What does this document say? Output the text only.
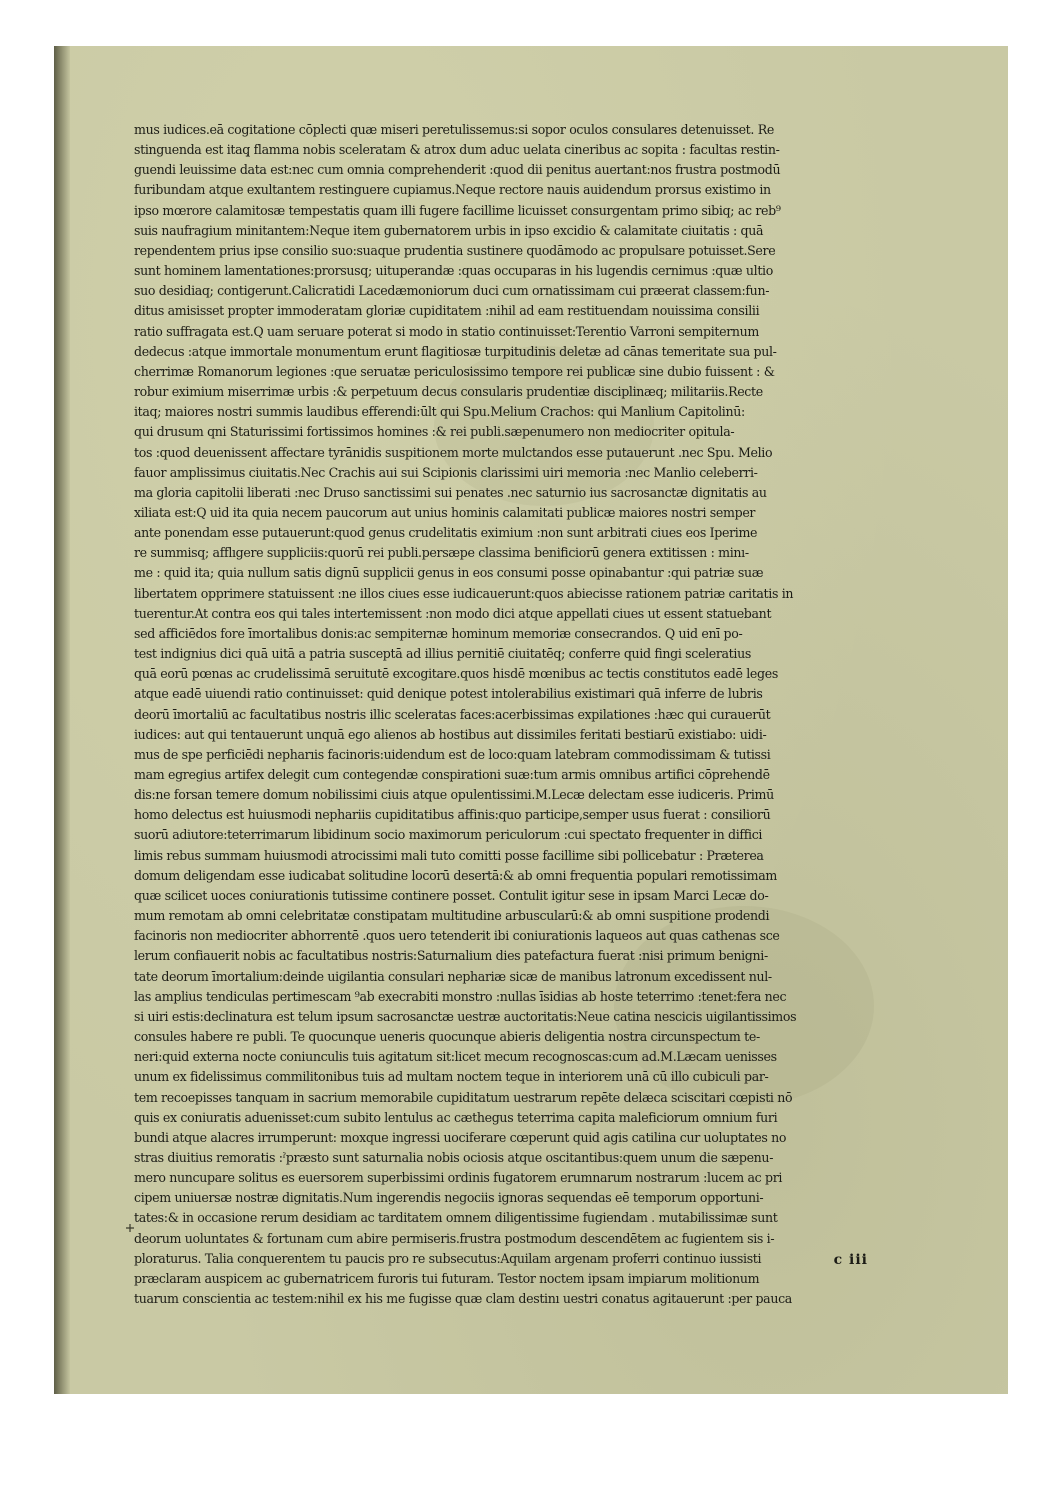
mus iudices.eā cogitatione cōplecti quæ miseri peretulissemus:si sopor oculos consulares detenuisset. Re
stinguenda est itaq̧ flamma nobis sceleratam & atrox dum aduc uelata cineribus ac sopita : facultas restin-
guendi leuissime data est:nec cum omnia comprehenderit :quod dii penitus auertant:nos frustra postmodū
furibundam atque exultantem restinguere cupiamus.Neque rectore nauis auidendum prorsus existimo in
ipso mœrore calamitosæ tempestatis quam illi fugere facillime licuisset consurgentam primo sibiq; ac reb⁹
suis naufragium minitantem:Neque item gubernatorem urbis in ipso excidio & calamitate ciuitatis : quā
rependentem prius ipse consilio suo:suaque prudentia sustinere quodāmodo ac propulsare potuisset.Sere
sunt hominem lamentationes:prorsusq; uituperandæ :quas occuparas in his lugendis cernimus :quæ ultio
suo desidiaq; contigerunt.Calicratidi Lacedæmoniorum duci cum ornatissimam cui præerat classem:fun-
ditus amisisset propter immoderatam gloriæ cupiditatem :nihil ad eam restituendam nouissima consilii
ratio suffragata est.Q uam seruare poterat si modo in statio continuisset:Terentio Varroni sempiternum
dedecus :atque immortale monumentum erunt flagitiosæ turpitudinis deletæ ad cānas temeritate sua pul-
cherrimæ Romanorum legiones :que seruatæ periculosissimo tempore rei publicæ sine dubio fuissent : &
robur eximium miserrimæ urbis :& perpetuum decus consularis prudentiæ disciplinæq; militariis.Recte
itaq; maiores nostri summis laudibus efferendi:ūlt qui Spu.Melium Crachos: qui Manlium Capitolinū:
qui drusum qni Staturissimi fortissimos homines :& rei publi.sæpenumero non mediocriter opitula-
tos :quod deuenissent affectare tyrānidis suspitionem morte mulctandos esse putauerunt .nec Spu. Melio
fauor amplissimus ciuitatis.Nec Crachis aui sui Scipionis clarissimi uiri memoria :nec Manlio celeberri-
ma gloria capitolii liberati :nec Druso sanctissimi sui penates .nec saturnio ius sacrosanctæ dignitatis au
xiliata est:Q uid ita quia necem paucorum aut unius hominis calamitati publicæ maiores nostri semper
ante ponendam esse putauerunt:quod genus crudelitatis eximium :non sunt arbitrati ciues eos Iperime
re summisq; afflıgere suppliciis:quorū rei publi.persæpe classima benificiorū genera extitissen : minı-
me : quid ita; quia nullum satis dignū supplicii genus in eos consumi posse opinabantur :qui patriæ suæ
libertatem opprimere statuissent :ne illos ciues esse iudicauerunt:quos abiecisse rationem patriæ caritatis in
tuerentur.At contra eos qui tales intertemissent :non modo dici atque appellati ciues ut essent statuebant
sed afficiēdos fore īmortalibus donis:ac sempiternæ hominum memoriæ consecrandos. Q uid enī po-
test indignius dici quā uitā a patria susceptā ad illius pernitiē ciuitatēq; conferre quid fingi sceleratius
quā eorū pœnas ac crudelissimā seruitutē excogitare.quos hisdē mœnibus ac tectis constitutos eadē leges
atque eadē uiuendi ratio continuisset: quid denique potest intolerabilius existimari quā inferre de lubris
deorū īmortaliū ac facultatibus nostris illic sceleratas faces:acerbissimas expilationes :hæc qui curauerūt
iudices: aut qui tentauerunt unquā ego alienos ab hostibus aut dissimiles feritati bestiarū existiabo: uidi-
mus de spe perficiēdi nepharıis facinoris:uidendum est de loco:quam latebram commodissimam & tutissi
mam egregius artifex delegit cum contegendæ conspirationi suæ:tum armis omnibus artifici cōprehendē
dis:ne forsan temere domum nobilissimi ciuis atque opulentissimi.M.Lecæ delectam esse iudiceris. Primū
homo delectus est huiusmodi nephariis cupiditatibus affinis:quo participe,semper usus fuerat : consiliorū
suorū adiutore:teterrimarum libidinum socio maximorum periculorum :cui spectato frequenter in diffici
limis rebus summam huiusmodi atrocissimi mali tuto comitti posse facillime sibi pollicebatur : Præterea
domum deligendam esse iudicabat solitudine locorū desertā:& ab omni frequentia populari remotissimam
quæ scilicet uoces coniurationis tutissime continere posset. Contulit igitur sese in ipsam Marci Lecæ do-
mum remotam ab omni celebritatæ constipatam multitudine arbuscularū:& ab omni suspitione prodendi
facinoris non mediocriter abhorrentē .quos uero tetenderit ibi coniurationis laqueos aut quas cathenas sce
lerum confiauerit nobis ac facultatibus nostris:Saturnalium dies patefactura fuerat :nisi primum benigni-
tate deorum īmortalium:deinde uigilantia consulari nephariæ sicæ de manibus latronum excedissent nul-
las amplius tendiculas pertimescam ⁹ab execrabiti monstro :nullas īsidias ab hoste teterrimo :tenet:fera nec
si uiri estis:declinatura est telum ipsum sacrosanctæ uestræ auctoritatis:Neue catina nescicis uigilantissimos
consules habere re publi. Te quocunque ueneris quocunque abieris deligentia nostra circunspectum te-
neri:quid externa nocte coniunculis tuis agitatum sit:licet mecum recognoscas:cum ad.M.Læcam uenisses
unum ex fidelissimus commilitonibus tuis ad multam noctem teque in interiorem unā cū illo cubiculi par-
tem recoepisses tanquam in sacrium memorabile cupiditatum uestrarum repēte delæca sciscitari cœpisti nō
quis ex coniuratis aduenisset:cum subito lentulus ac cæthegus teterrima capita maleficiorum omnium furi
bundi atque alacres irrumperunt: moxque ingressi uociferare cœperunt quid agis catilina cur uoluptates no
stras diuitius remoratis :ˀpræsto sunt saturnalia nobis ociosis atque oscitantibus:quem unum die sæpenu-
mero nuncupare solitus es euersorem superbissimi ordinis fugatorem erumnarum nostrarum :lucem ac pri
cipem uniuersæ nostræ dignitatis.Num ingerendis negociis ignoras sequendas eē temporum opportuni-
tates:& in occasione rerum desidiam ac tarditatem omnem diligentissime fugiendam . mutabilissimæ sunt
deorum uoluntates & fortunam cum abire permiseris.frustra postmodum descendētem ac fugientem sis i-
ploraturus. Talia conquerentem tu paucis pro re subsecutus:Aquilam argenam proferri continuo iussisti
præclaram auspicem ac gubernatricem furoris tui futuram. Testor noctem ipsam impiarum molitionum
tuarum conscientia ac testem:nihil ex his me fugisse quæ clam destinı uestri conatus agitauerunt :per pauca
c iii
